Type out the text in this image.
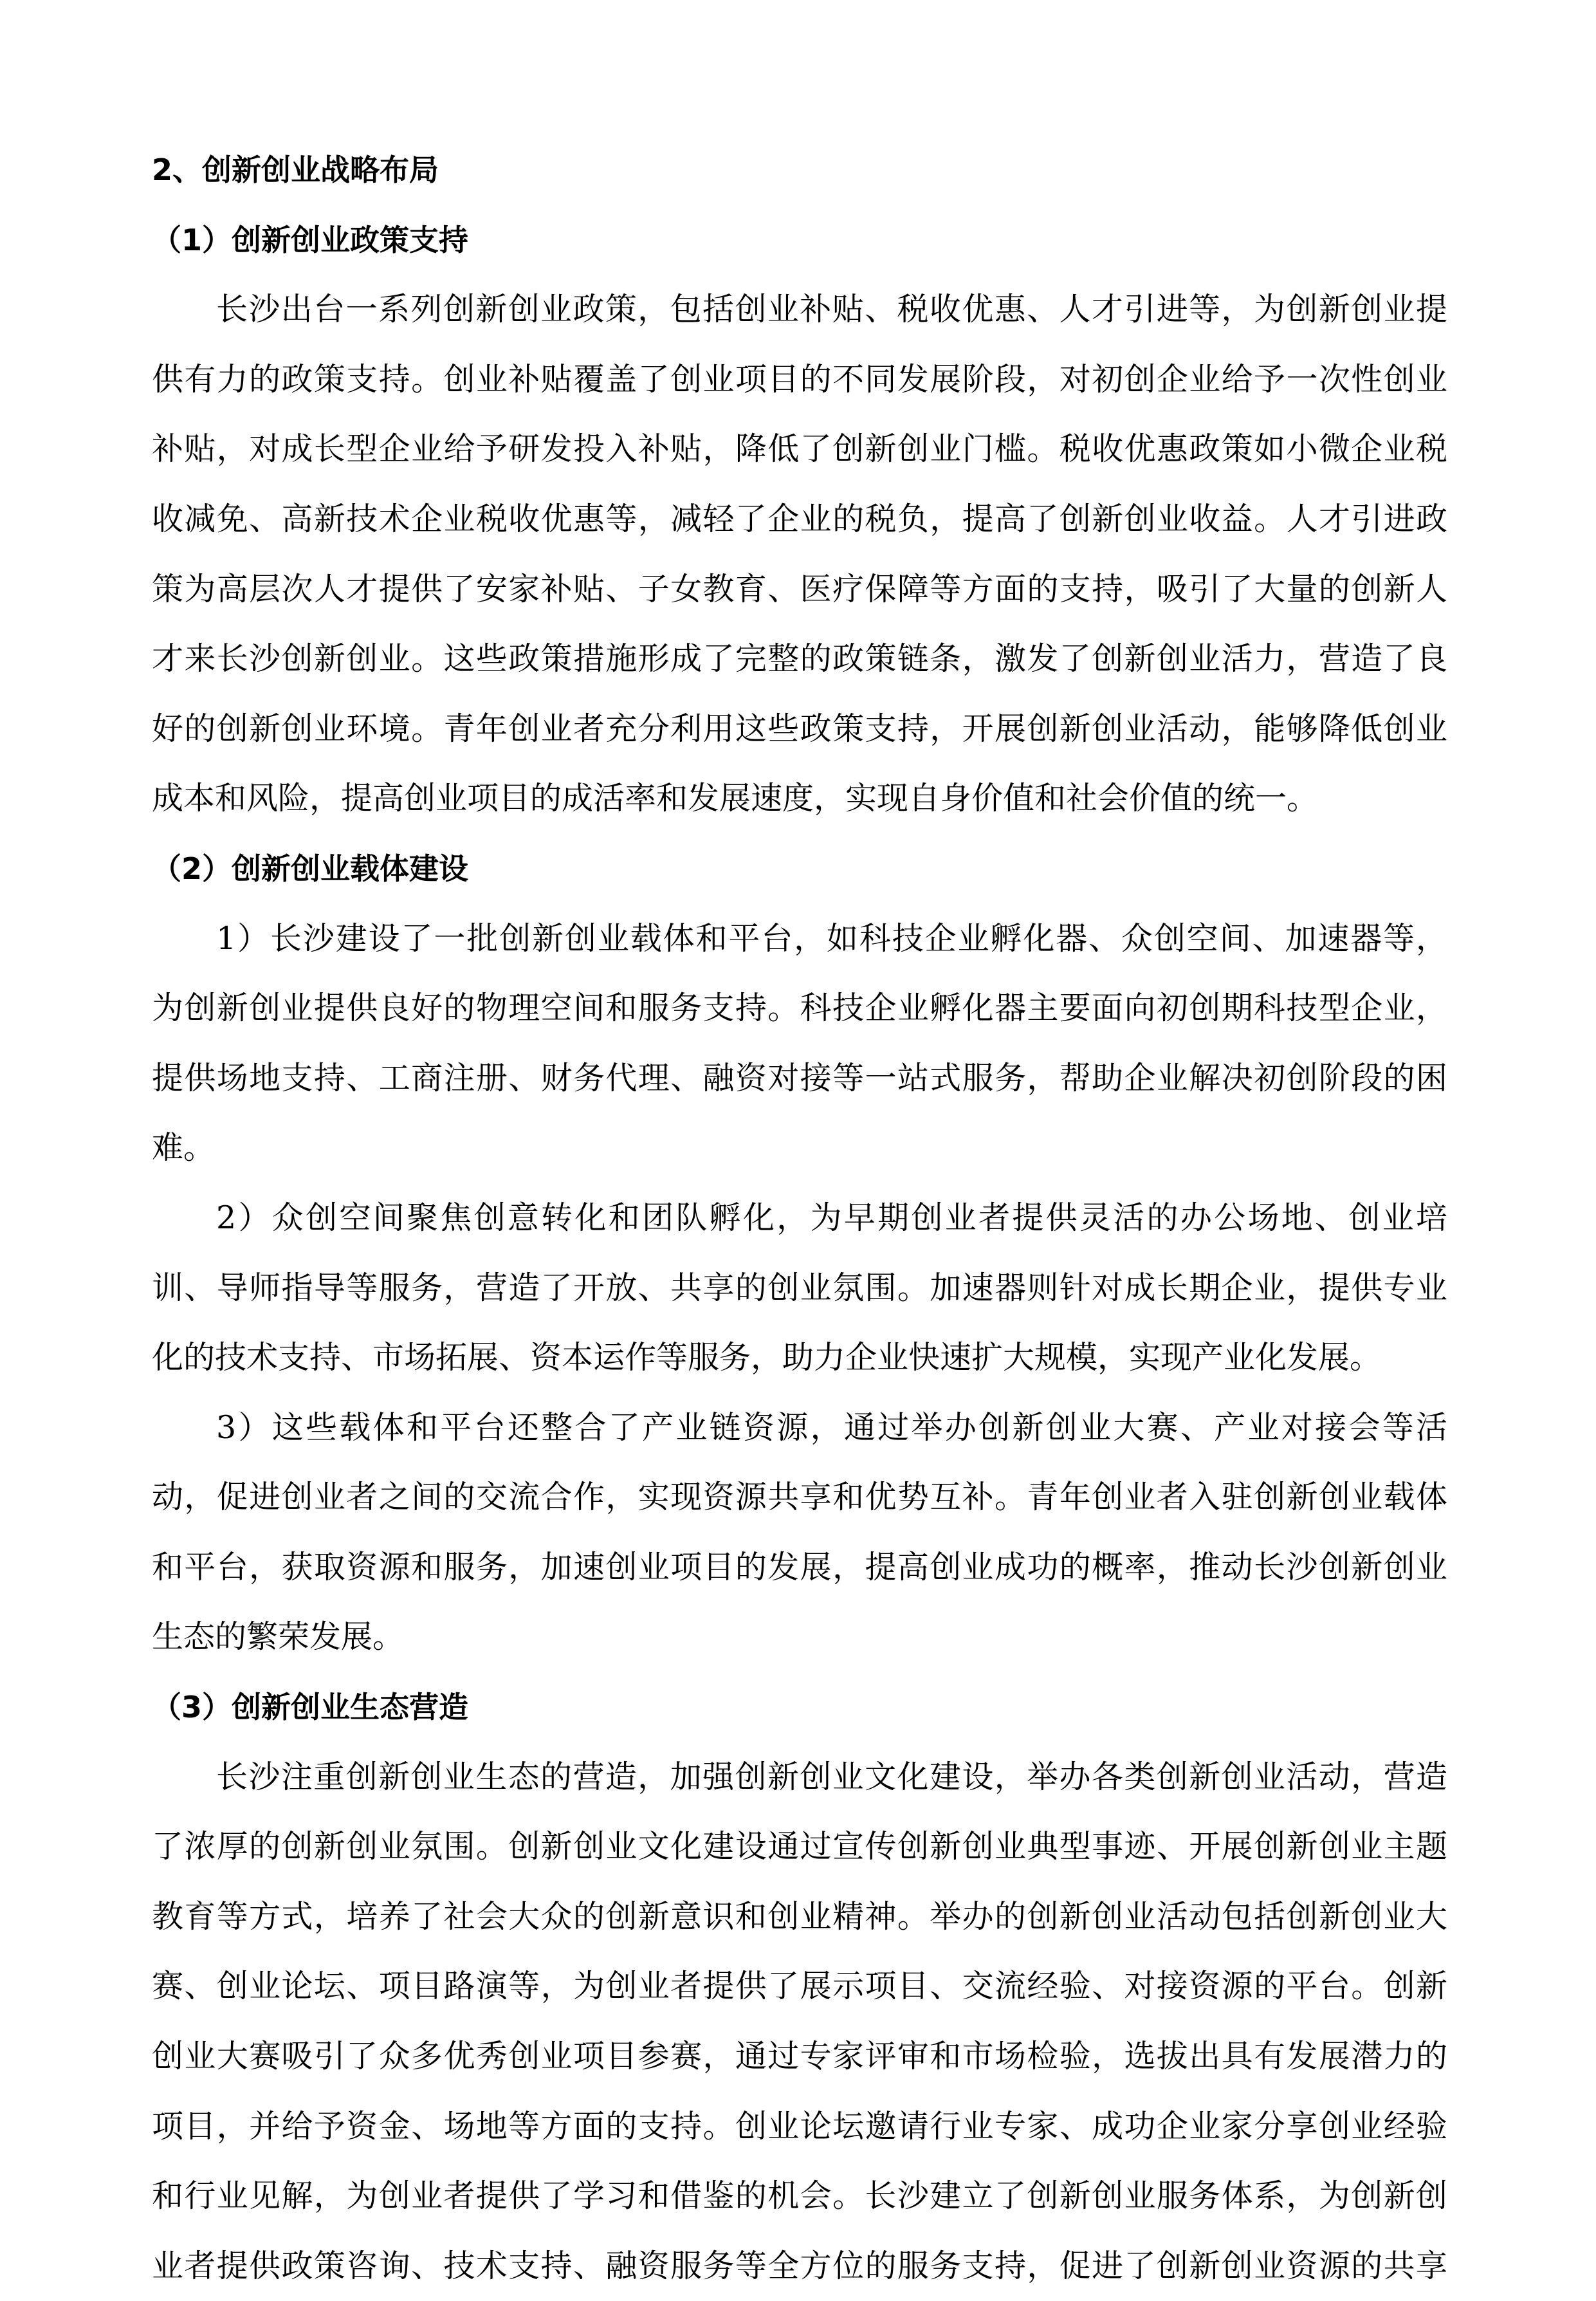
2、创新创业战略布局
（1）创新创业政策支持
长沙出台一系列创新创业政策，包括创业补贴、税收优惠、人才引进等，为创新创业提
供有力的政策支持。创业补贴覆盖了创业项目的不同发展阶段，对初创企业给予一次性创业
补贴，对成长型企业给予研发投入补贴，降低了创新创业门槛。税收优惠政策如小微企业税
收减免、高新技术企业税收优惠等，减轻了企业的税负，提高了创新创业收益。人才引进政
策为高层次人才提供了安家补贴、子女教育、医疗保障等方面的支持，吸引了大量的创新人
才来长沙创新创业。这些政策措施形成了完整的政策链条，激发了创新创业活力，营造了良
好的创新创业环境。青年创业者充分利用这些政策支持，开展创新创业活动，能够降低创业
成本和风险，提高创业项目的成活率和发展速度，实现自身价值和社会价值的统一。
（2）创新创业载体建设
1）长沙建设了一批创新创业载体和平台，如科技企业孵化器、众创空间、加速器等，
为创新创业提供良好的物理空间和服务支持。科技企业孵化器主要面向初创期科技型企业，
提供场地支持、工商注册、财务代理、融资对接等一站式服务，帮助企业解决初创阶段的困
难。
2）众创空间聚焦创意转化和团队孵化，为早期创业者提供灵活的办公场地、创业培
训、导师指导等服务，营造了开放、共享的创业氛围。加速器则针对成长期企业，提供专业
化的技术支持、市场拓展、资本运作等服务，助力企业快速扩大规模，实现产业化发展。
3）这些载体和平台还整合了产业链资源，通过举办创新创业大赛、产业对接会等活
动，促进创业者之间的交流合作，实现资源共享和优势互补。青年创业者入驻创新创业载体
和平台，获取资源和服务，加速创业项目的发展，提高创业成功的概率，推动长沙创新创业
生态的繁荣发展。
（3）创新创业生态营造
长沙注重创新创业生态的营造，加强创新创业文化建设，举办各类创新创业活动，营造
了浓厚的创新创业氛围。创新创业文化建设通过宣传创新创业典型事迹、开展创新创业主题
教育等方式，培养了社会大众的创新意识和创业精神。举办的创新创业活动包括创新创业大
赛、创业论坛、项目路演等，为创业者提供了展示项目、交流经验、对接资源的平台。创新
创业大赛吸引了众多优秀创业项目参赛，通过专家评审和市场检验，选拔出具有发展潜力的
项目，并给予资金、场地等方面的支持。创业论坛邀请行业专家、成功企业家分享创业经验
和行业见解，为创业者提供了学习和借鉴的机会。长沙建立了创新创业服务体系，为创新创
业者提供政策咨询、技术支持、融资服务等全方位的服务支持，促进了创新创业资源的共享
